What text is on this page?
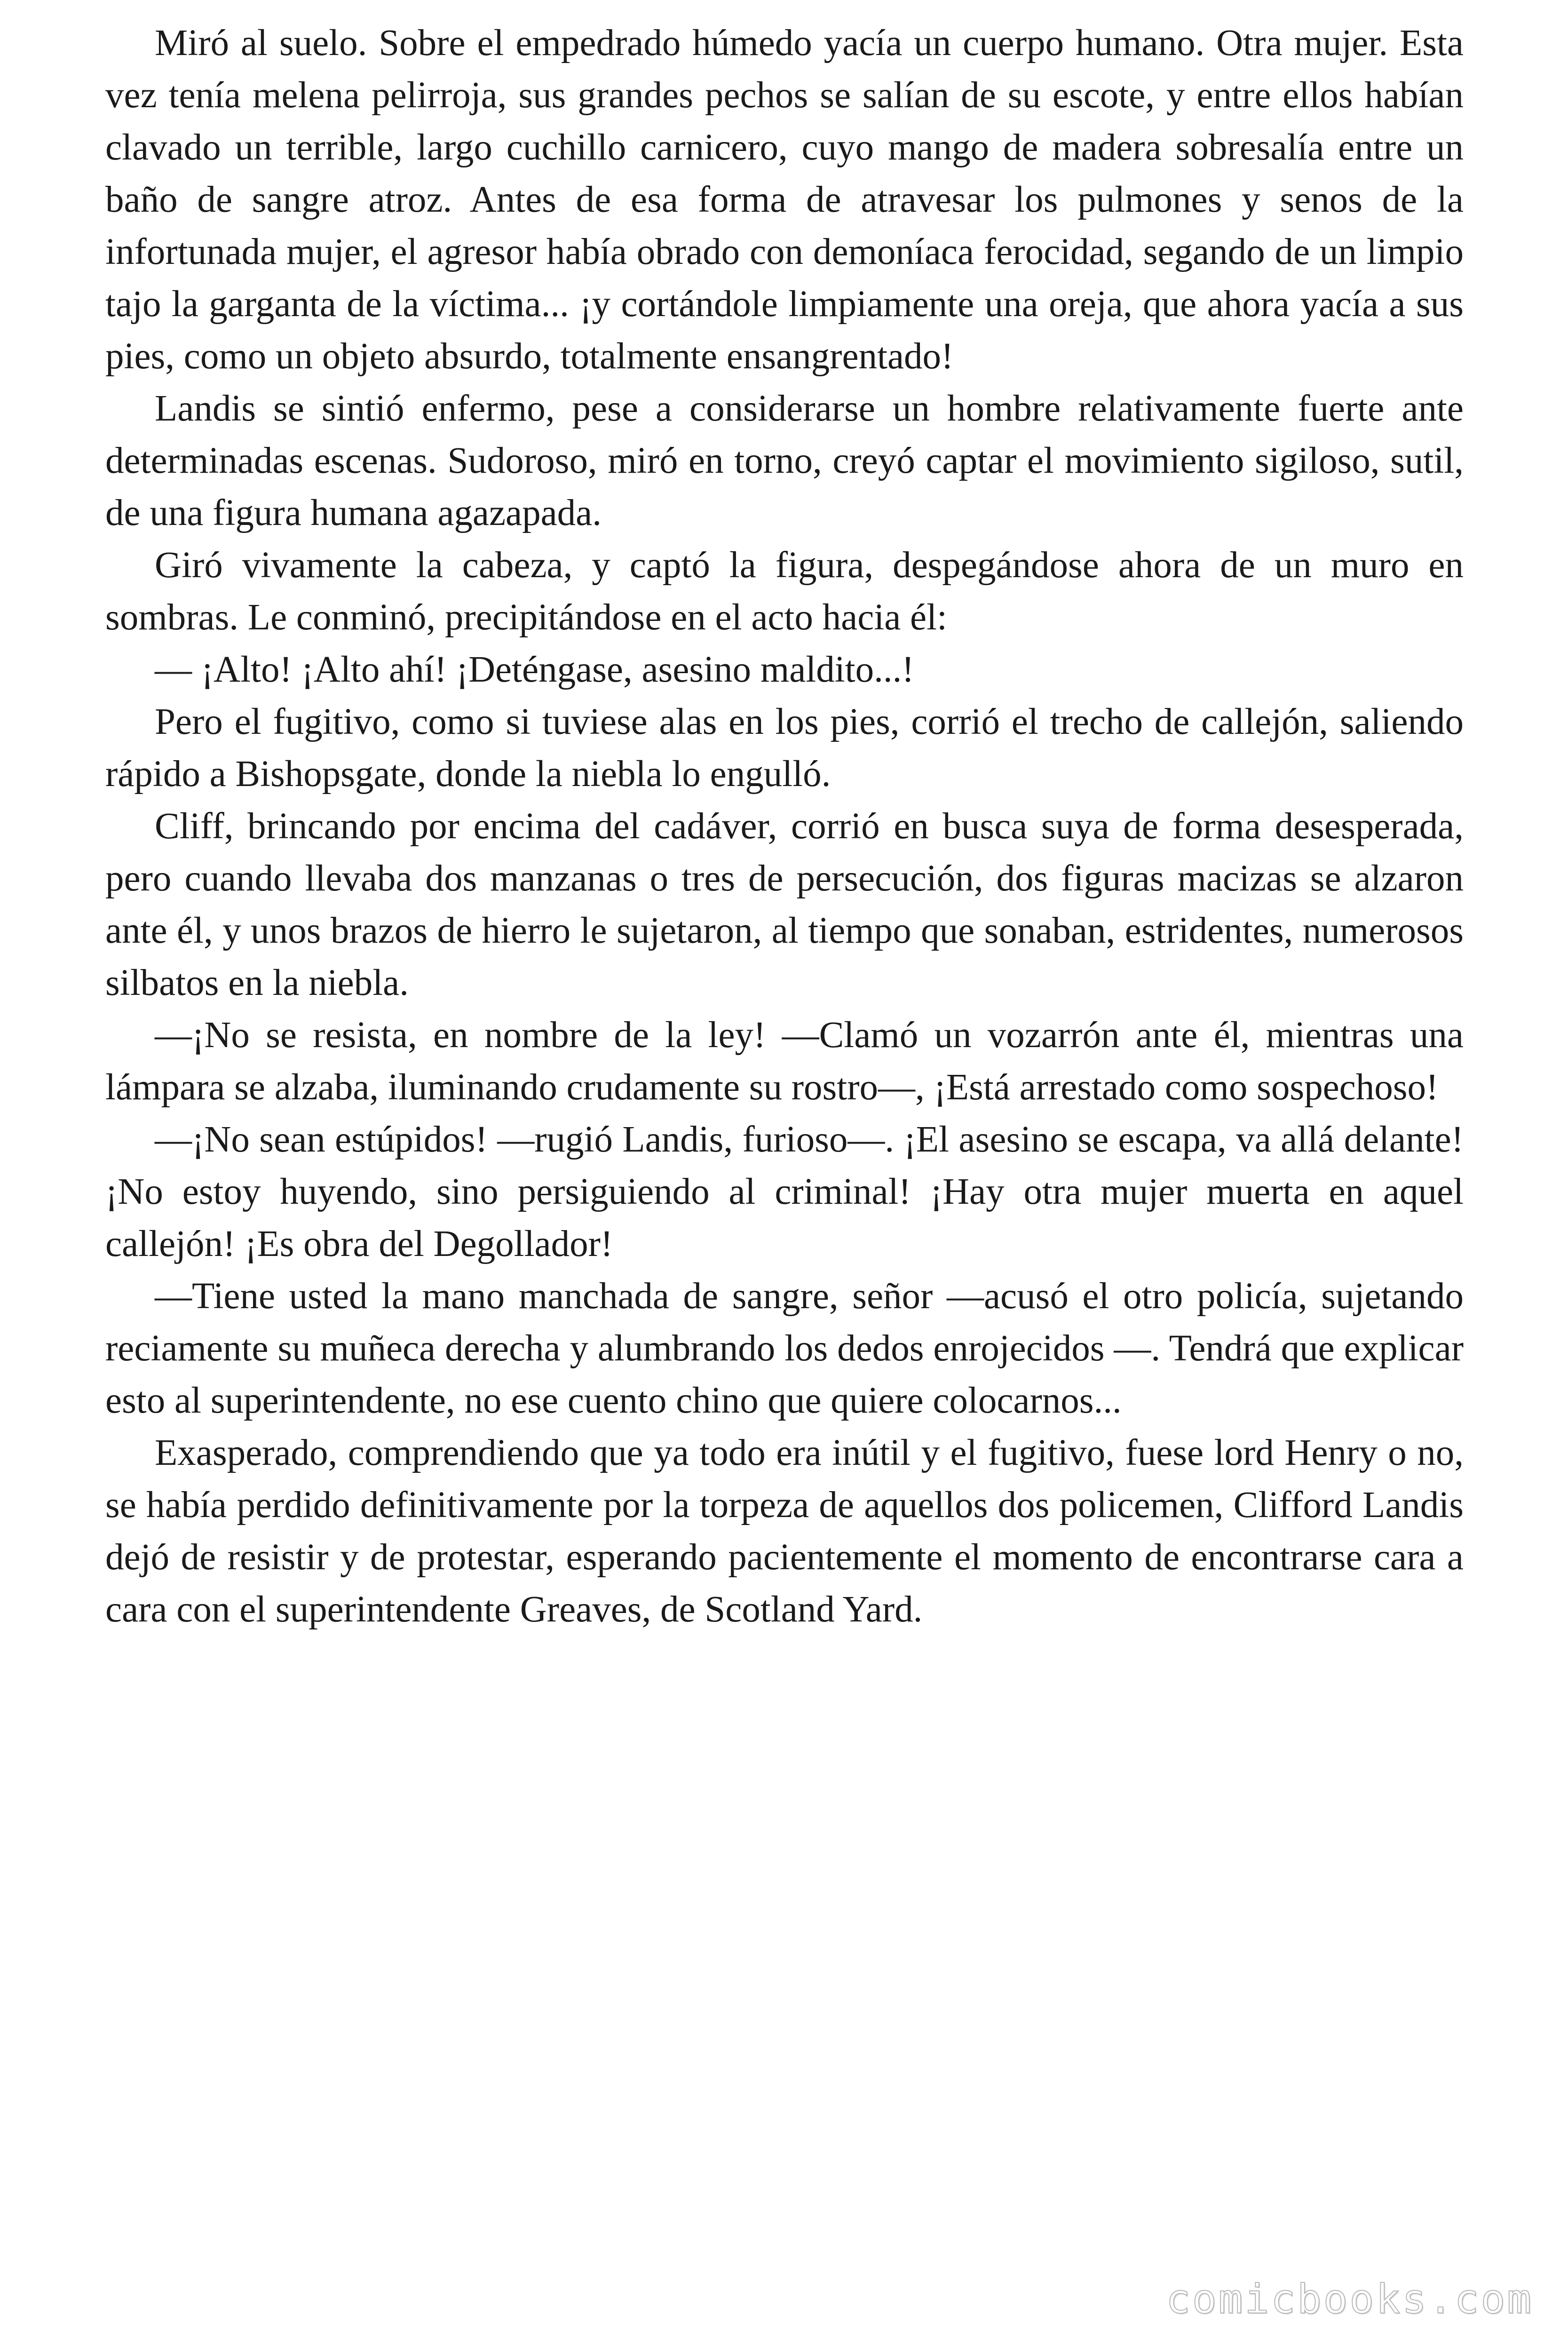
Miró al suelo. Sobre el empedrado húmedo yacía un cuerpo humano. Otra mujer. Esta vez tenía melena pelirroja, sus grandes pechos se salían de su escote, y entre ellos habían clavado un terrible, largo cuchillo carnicero, cuyo mango de madera sobresalía entre un baño de sangre atroz. Antes de esa forma de atravesar los pulmones y senos de la infortunada mujer, el agresor había obrado con demoníaca ferocidad, segando de un limpio tajo la garganta de la víctima... ¡y cortándole limpiamente una oreja, que ahora yacía a sus pies, como un objeto absurdo, totalmente ensangrentado!

Landis se sintió enfermo, pese a considerarse un hombre relativamente fuerte ante determinadas escenas. Sudoroso, miró en torno, creyó captar el movimiento sigiloso, sutil, de una figura humana agazapada.

Giró vivamente la cabeza, y captó la figura, despegándose ahora de un muro en sombras. Le conminó, precipitándose en el acto hacia él:

— ¡Alto! ¡Alto ahí! ¡Deténgase, asesino maldito...!

Pero el fugitivo, como si tuviese alas en los pies, corrió el trecho de callejón, saliendo rápido a Bishopsgate, donde la niebla lo engulló.

Cliff, brincando por encima del cadáver, corrió en busca suya de forma desesperada, pero cuando llevaba dos manzanas o tres de persecución, dos figuras macizas se alzaron ante él, y unos brazos de hierro le sujetaron, al tiempo que sonaban, estridentes, numerosos silbatos en la niebla.

—¡No se resista, en nombre de la ley! —Clamó un vozarrón ante él, mientras una lámpara se alzaba, iluminando crudamente su rostro—, ¡Está arrestado como sospechoso!

—¡No sean estúpidos! —rugió Landis, furioso—. ¡El asesino se escapa, va allá delante! ¡No estoy huyendo, sino persiguiendo al criminal! ¡Hay otra mujer muerta en aquel callejón! ¡Es obra del Degollador!

—Tiene usted la mano manchada de sangre, señor —acusó el otro policía, sujetando reciamente su muñeca derecha y alumbrando los dedos enrojecidos —. Tendrá que explicar esto al superintendente, no ese cuento chino que quiere colocarnos...

Exasperado, comprendiendo que ya todo era inútil y el fugitivo, fuese lord Henry o no, se había perdido definitivamente por la torpeza de aquellos dos policemen, Clifford Landis dejó de resistir y de protestar, esperando pacientemente el momento de encontrarse cara a cara con el superintendente Greaves, de Scotland Yard.

comicbooks.com
